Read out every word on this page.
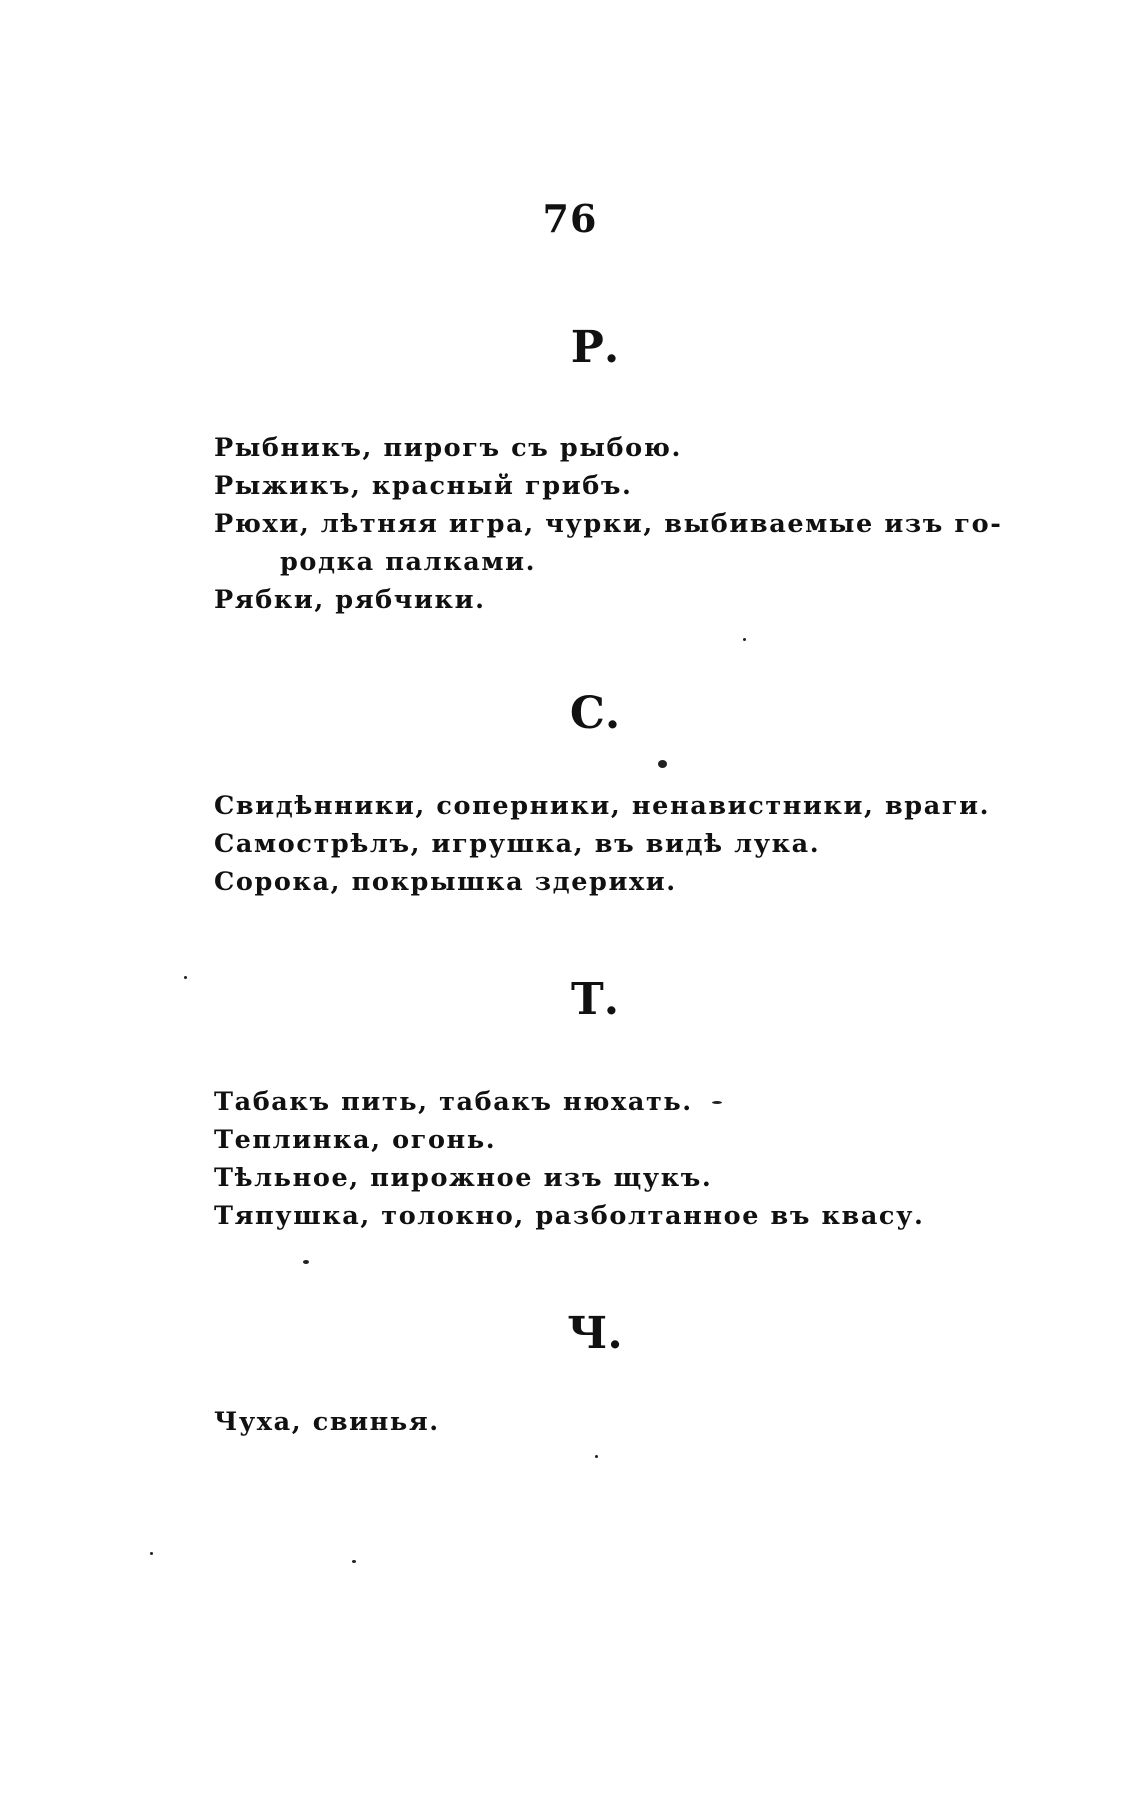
76
Р.
Рыбникъ, пирогъ съ рыбою.
Рыжикъ, красный грибъ.
Рюхи, лѣтняя игра, чурки, выбиваемые изъ го-
родка палками.
Рябки, рябчики.
С.
Свидѣнники, соперники, ненавистники, враги.
Самострѣлъ, игрушка, въ видѣ лука.
Сорока, покрышка здерихи.
Т.
Табакъ пить, табакъ нюхать.
Теплинка, огонь.
Тѣльное, пирожное изъ щукъ.
Тяпушка, толокно, разболтанное въ квасу.
Ч.
Чуха, свинья.
